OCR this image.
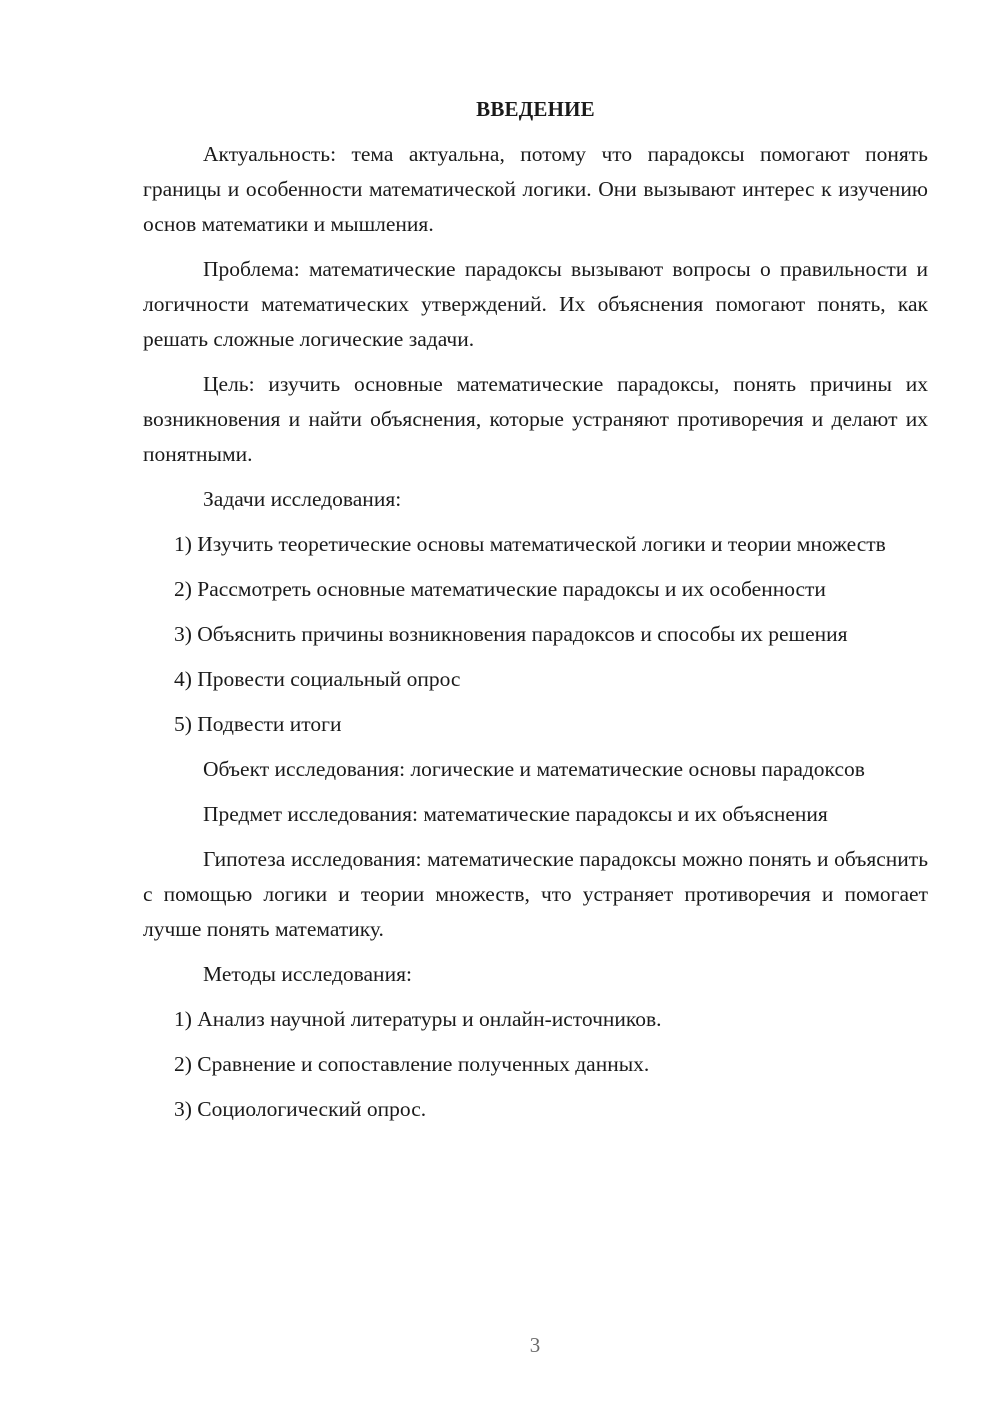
ВВЕДЕНИЕ

Актуальность: тема актуальна, потому что парадоксы помогают понять границы и особенности математической логики. Они вызывают интерес к изучению основ математики и мышления.

Проблема: математические парадоксы вызывают вопросы о правильности и логичности математических утверждений. Их объяснения помогают понять, как решать сложные логические задачи.

Цель: изучить основные математические парадоксы, понять причины их возникновения и найти объяснения, которые устраняют противоречия и делают их понятными.

Задачи исследования:

1) Изучить теоретические основы математической логики и теории множеств

2) Рассмотреть основные математические парадоксы и их особенности

3) Объяснить причины возникновения парадоксов и способы их решения

4) Провести социальный опрос

5) Подвести итоги

Объект исследования: логические и математические основы парадоксов

Предмет исследования: математические парадоксы и их объяснения

Гипотеза исследования: математические парадоксы можно понять и объяснить с помощью логики и теории множеств, что устраняет противоречия и помогает лучше понять математику.

Методы исследования:

1) Анализ научной литературы и онлайн-источников.

2) Сравнение и сопоставление полученных данных.

3) Социологический опрос.

3
